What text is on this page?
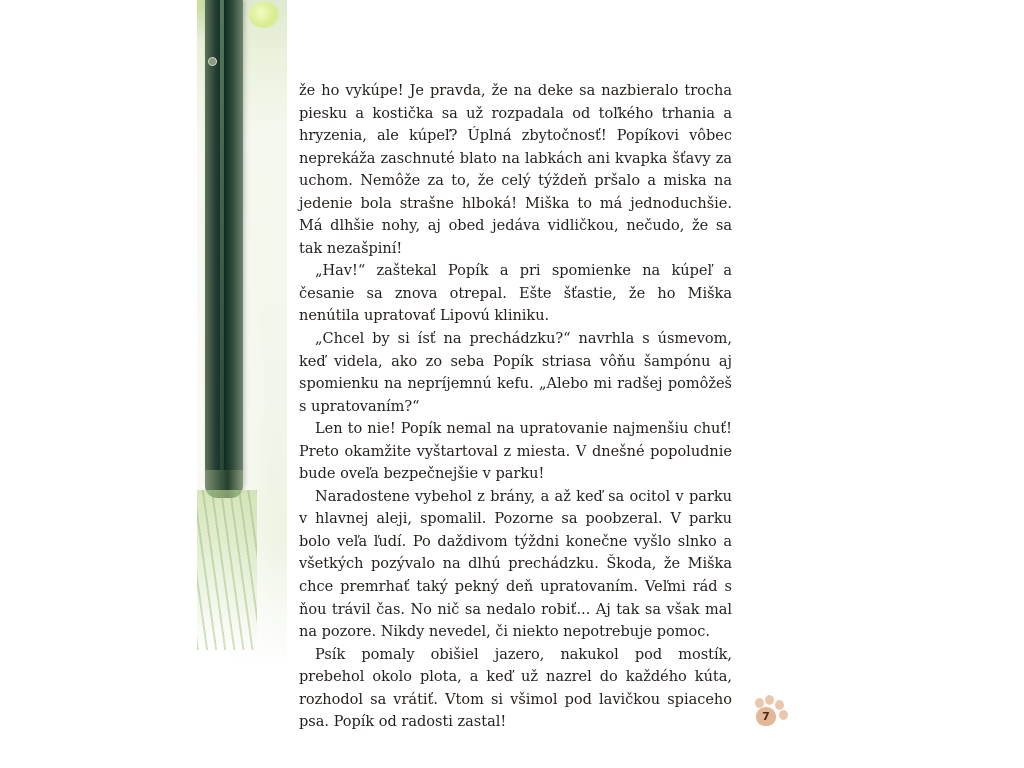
že ho vykúpe! Je pravda, že na deke sa nazbieralo trocha piesku a kostička sa už rozpadala od toľkého trhania a hryzenia, ale kúpeľ? Úplná zbytočnosť! Popíkovi vôbec neprekáža zaschnuté blato na labkách ani kvapka šťavy za uchom. Nemôže za to, že celý týždeň pršalo a miska na jedenie bola strašne hlboká! Miška to má jednoduchšie. Má dlhšie nohy, aj obed jedáva vidličkou, nečudo, že sa tak nezašpiní!

„Hav!“ zaštekal Popík a pri spomienke na kúpeľ a česanie sa znova otrepal. Ešte šťastie, že ho Miška nenútila upratovať Lipovú kliniku.

„Chcel by si ísť na prechádzku?“ navrhla s úsmevom, keď videla, ako zo seba Popík striasa vôňu šampónu aj spomienku na nepríjemnú kefu. „Alebo mi radšej pomôžeš s upratovaním?“

Len to nie! Popík nemal na upratovanie najmenšiu chuť! Preto okamžite vyštartoval z miesta. V dnešné popoludnie bude oveľa bezpečnejšie v parku!

Naradostene vybehol z brány, a až keď sa ocitol v parku v hlavnej aleji, spomalil. Pozorne sa poobzeral. V parku bolo veľa ľudí. Po daždivom týždni konečne vyšlo slnko a všetkých pozývalo na dlhú prechádzku. Škoda, že Miška chce premrhať taký pekný deň upratovaním. Veľmi rád s ňou trávil čas. No nič sa nedalo robiť... Aj tak sa však mal na pozore. Nikdy nevedel, či niekto nepotrebuje pomoc.

Psík pomaly obišiel jazero, nakukol pod mostík, prebehol okolo plota, a keď už nazrel do každého kúta, rozhodol sa vrátiť. Vtom si všimol pod lavičkou spiaceho psa. Popík od radosti zastal!	7
